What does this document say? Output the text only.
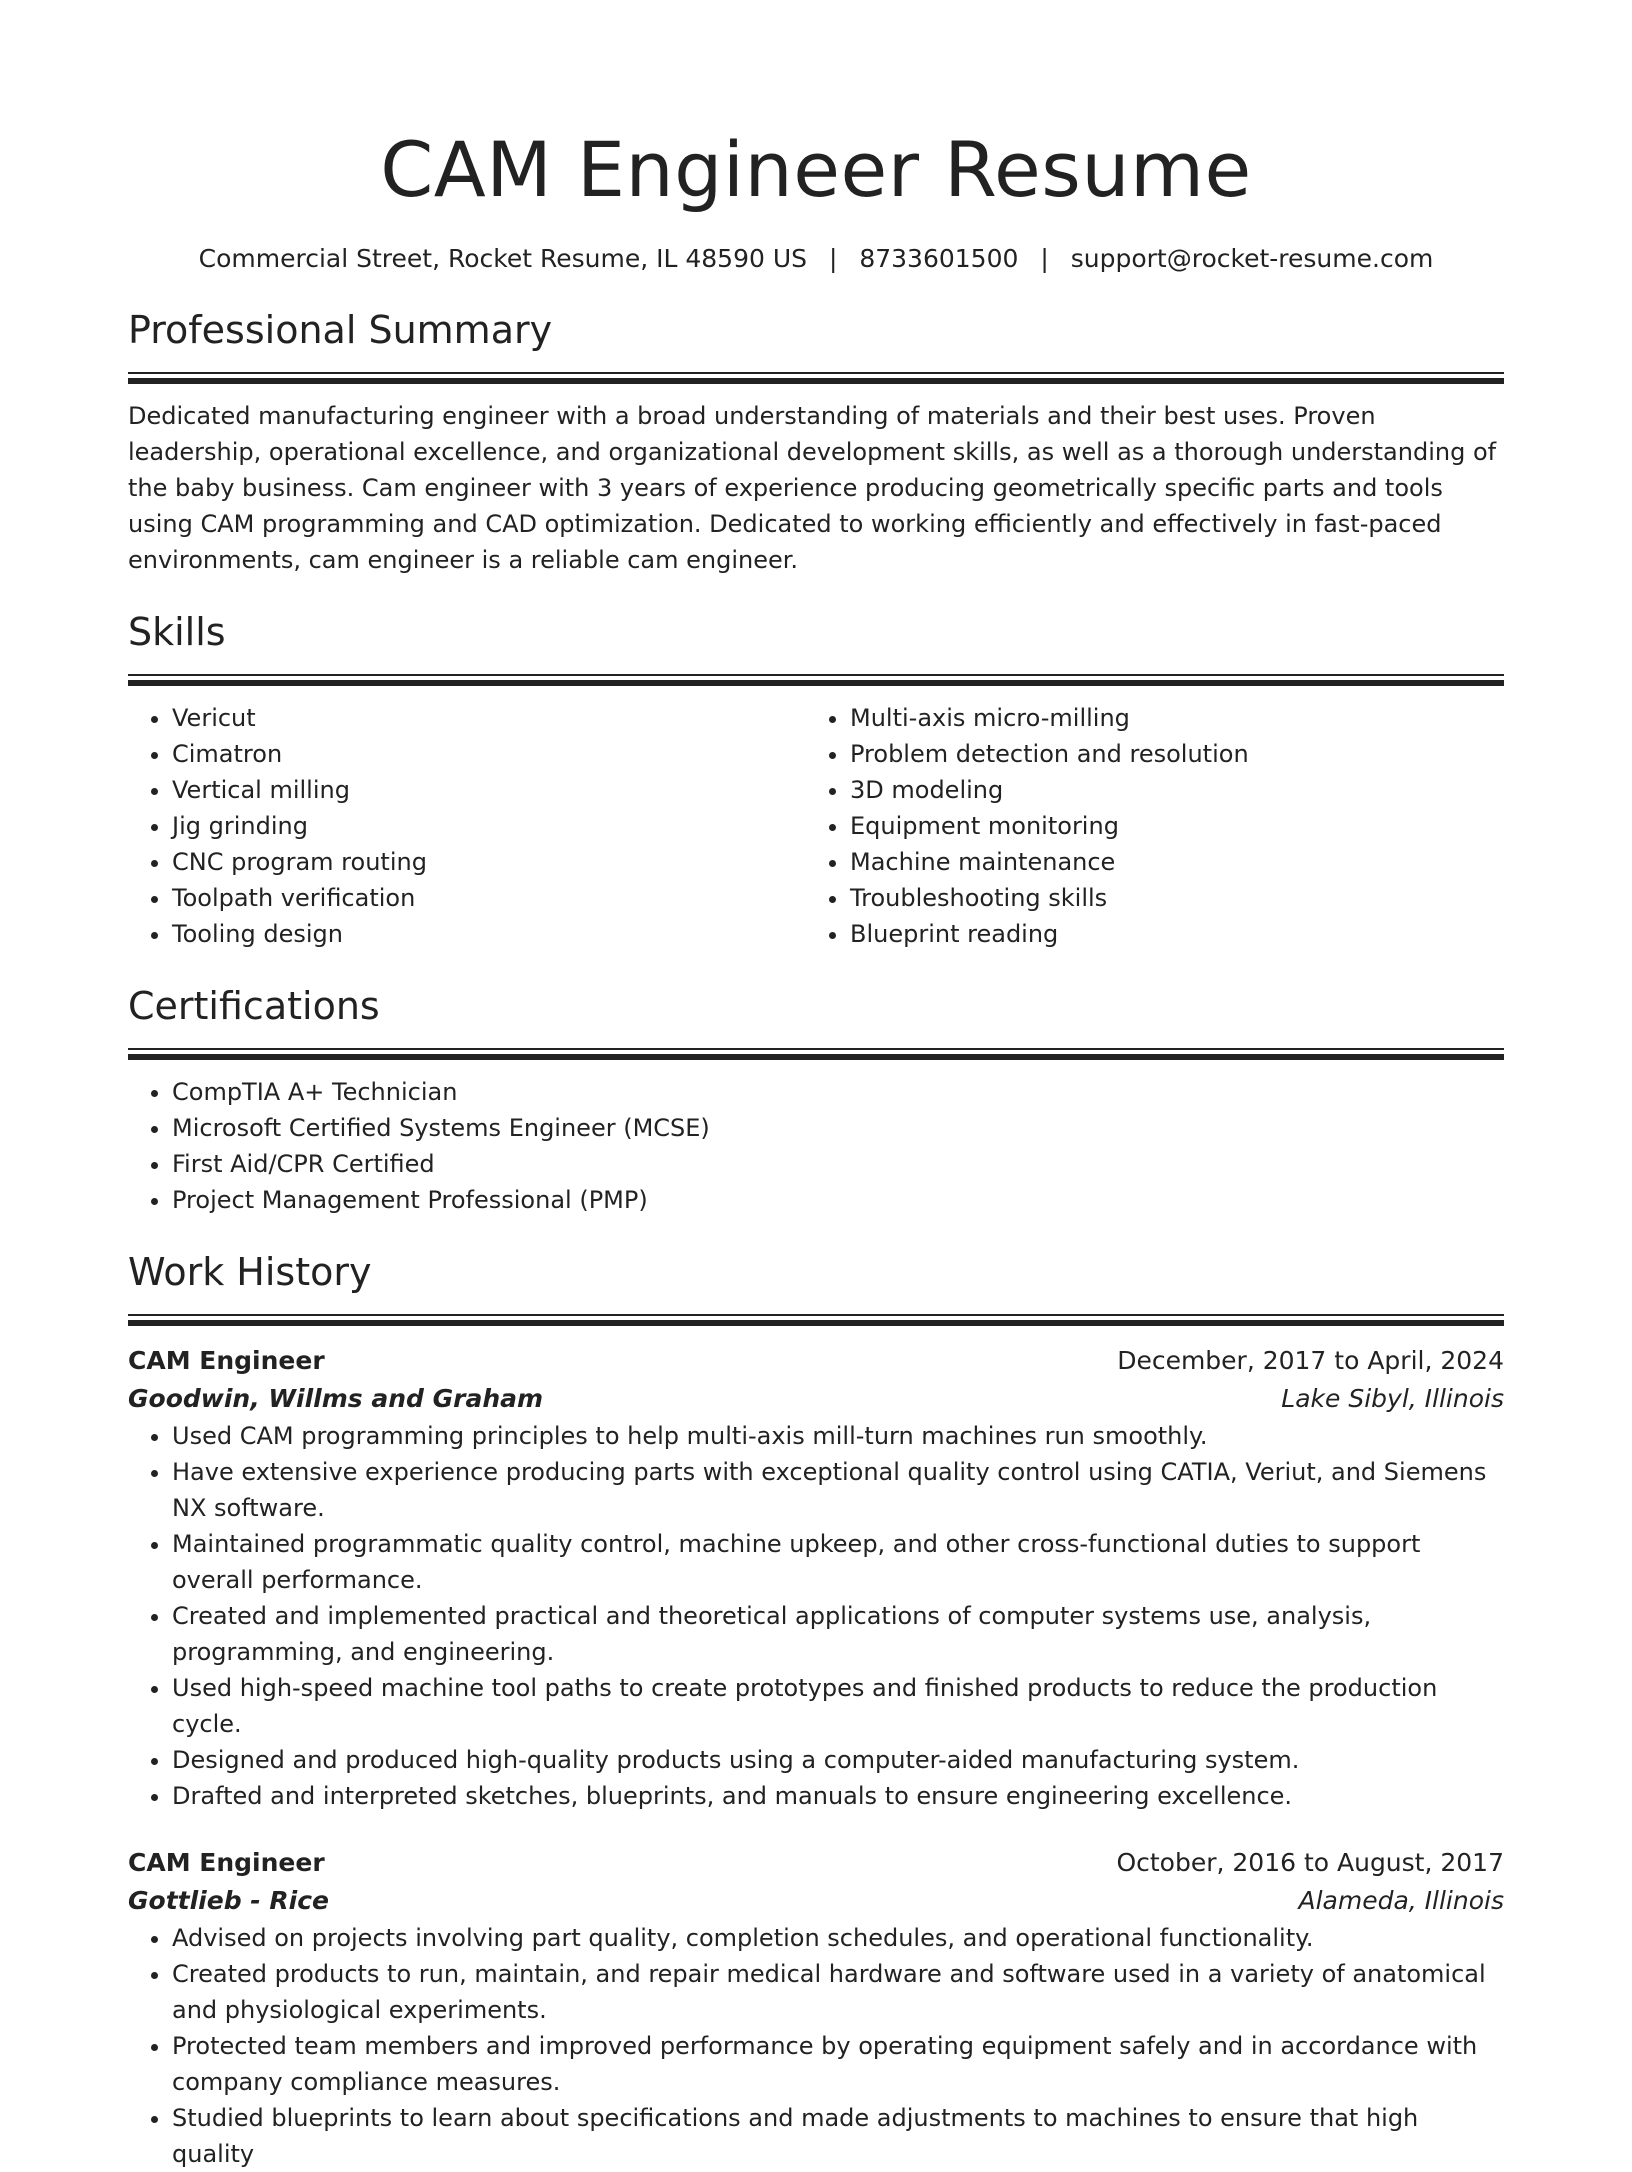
CAM Engineer Resume
Commercial Street, Rocket Resume, IL 48590 US | 8733601500 | support@rocket-resume.com
Professional Summary
Dedicated manufacturing engineer with a broad understanding of materials and their best uses. Proven leadership, operational excellence, and organizational development skills, as well as a thorough understanding of the baby business. Cam engineer with 3 years of experience producing geometrically specific parts and tools using CAM programming and CAD optimization. Dedicated to working efficiently and effectively in fast-paced environments, cam engineer is a reliable cam engineer.
Skills
• Vericut
• Cimatron
• Vertical milling
• Jig grinding
• CNC program routing
• Toolpath verification
• Tooling design
• Multi-axis micro-milling
• Problem detection and resolution
• 3D modeling
• Equipment monitoring
• Machine maintenance
• Troubleshooting skills
• Blueprint reading
Certifications
• CompTIA A+ Technician
• Microsoft Certified Systems Engineer (MCSE)
• First Aid/CPR Certified
• Project Management Professional (PMP)
Work History
CAM Engineer	December, 2017 to April, 2024
Goodwin, Willms and Graham	Lake Sibyl, Illinois
• Used CAM programming principles to help multi-axis mill-turn machines run smoothly.
• Have extensive experience producing parts with exceptional quality control using CATIA, Veriut, and Siemens NX software.
• Maintained programmatic quality control, machine upkeep, and other cross-functional duties to support overall performance.
• Created and implemented practical and theoretical applications of computer systems use, analysis, programming, and engineering.
• Used high-speed machine tool paths to create prototypes and finished products to reduce the production cycle.
• Designed and produced high-quality products using a computer-aided manufacturing system.
• Drafted and interpreted sketches, blueprints, and manuals to ensure engineering excellence.
CAM Engineer	October, 2016 to August, 2017
Gottlieb - Rice	Alameda, Illinois
• Advised on projects involving part quality, completion schedules, and operational functionality.
• Created products to run, maintain, and repair medical hardware and software used in a variety of anatomical and physiological experiments.
• Protected team members and improved performance by operating equipment safely and in accordance with company compliance measures.
• Studied blueprints to learn about specifications and made adjustments to machines to ensure that high quality
